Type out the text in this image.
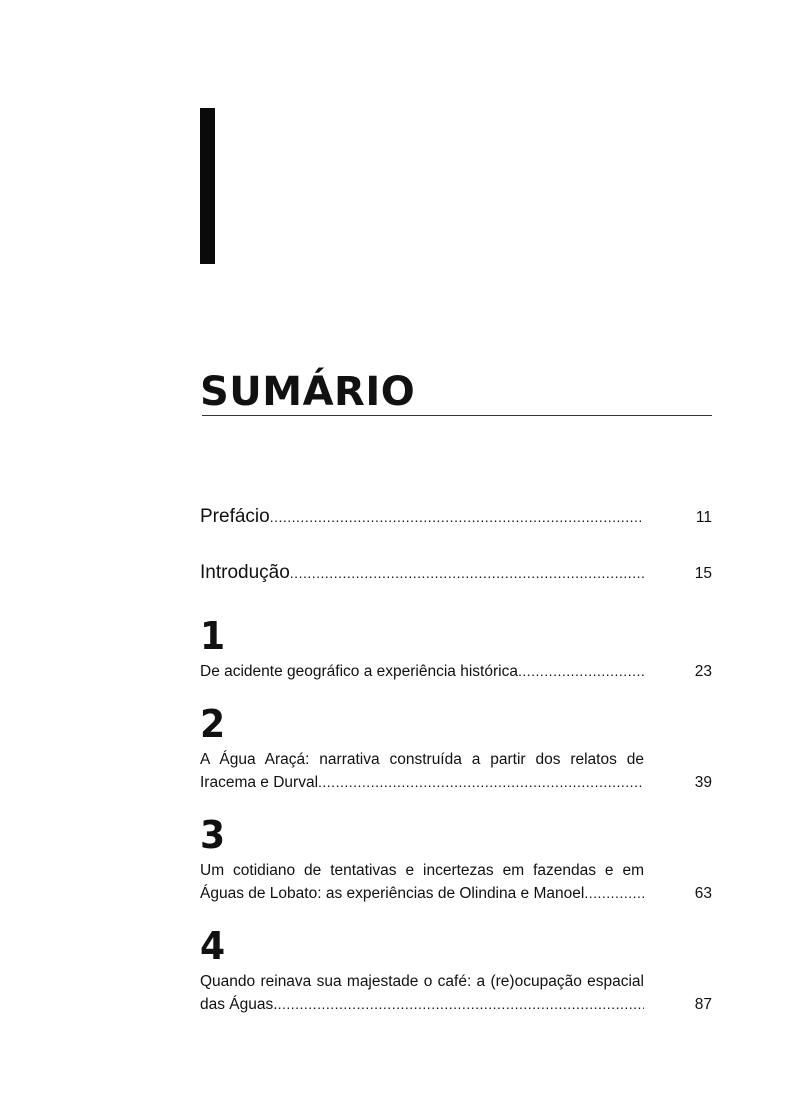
SUMÁRIO
Prefácio .....	11
Introdução .....	15
1
De acidente geográfico a experiência histórica .....	23
2
A Água Araçá: narrativa construída a partir dos relatos de
Iracema e Durval .....	39
3
Um cotidiano de tentativas e incertezas em fazendas e em
Águas de Lobato: as experiências de Olindina e Manoel .....	63
4
Quando reinava sua majestade o café: a (re)ocupação espacial
das Águas. .....	87
